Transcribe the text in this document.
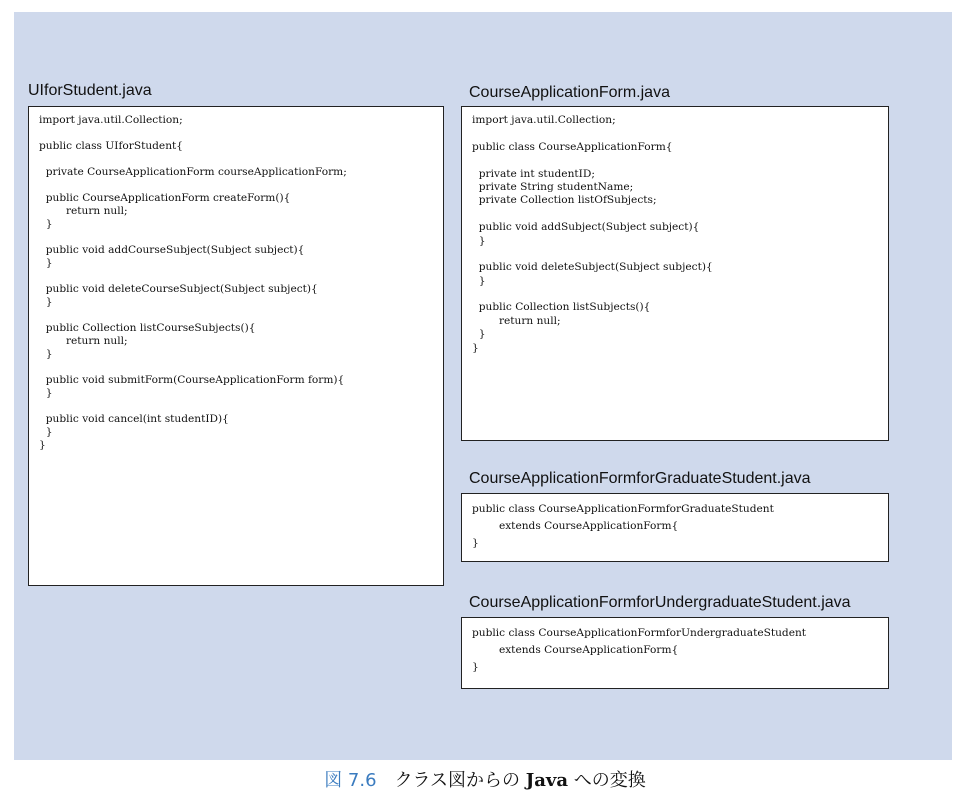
UIforStudent.java
import java.util.Collection;
public class UIforStudent{
private CourseApplicationForm courseApplicationForm;
public CourseApplicationForm createForm(){
return null;
}
public void addCourseSubject(Subject subject){
}
public void deleteCourseSubject(Subject subject){
}
public Collection listCourseSubjects(){
return null;
}
public void submitForm(CourseApplicationForm form){
}
public void cancel(int studentID){
}
}
CourseApplicationForm.java
import java.util.Collection;
public class CourseApplicationForm{
private int studentID;
private String studentName;
private Collection listOfSubjects;
public void addSubject(Subject subject){
}
public void deleteSubject(Subject subject){
}
public Collection listSubjects(){
return null;
}
}
CourseApplicationFormforGraduateStudent.java
public class CourseApplicationFormforGraduateStudent
extends CourseApplicationForm{
}
CourseApplicationFormforUndergraduateStudent.java
public class CourseApplicationFormforUndergraduateStudent
extends CourseApplicationForm{
}
図 7.6 クラス図からの Java への変換
